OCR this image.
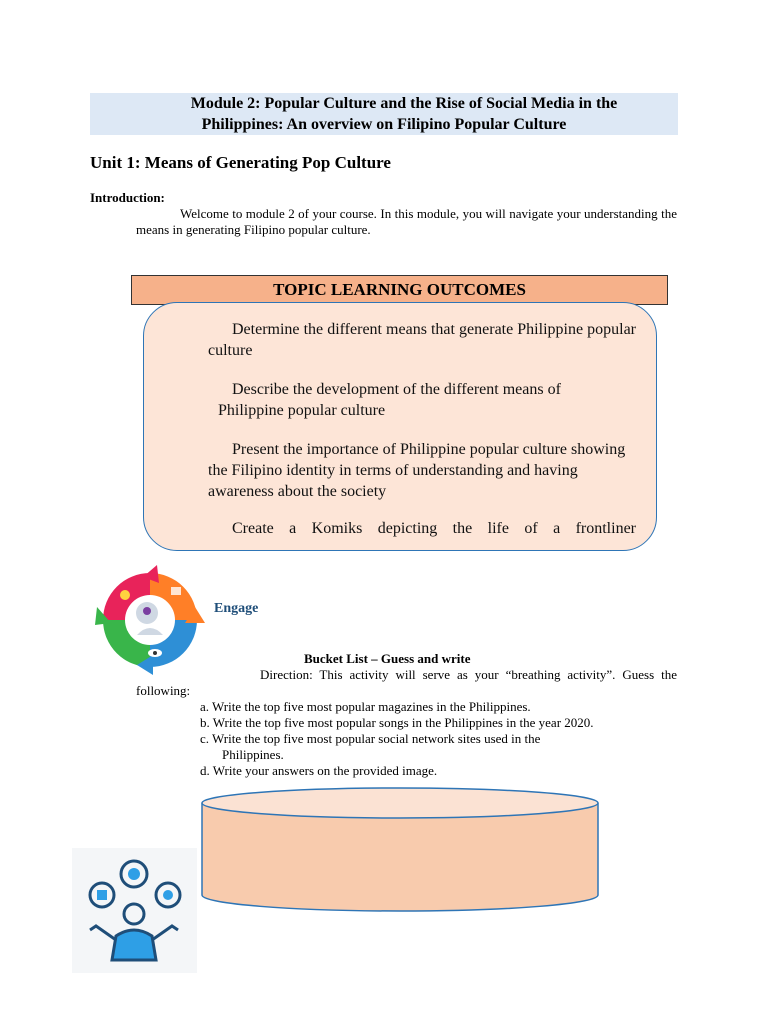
Module 2: Popular Culture and the Rise of Social Media in the
Philippines: An overview on Filipino Popular Culture
Unit 1: Means of Generating Pop Culture
Introduction:
Welcome to module 2 of your course. In this module, you will navigate your understanding the means in generating Filipino popular culture.
TOPIC LEARNING OUTCOMES
Determine the different means that generate Philippine popular culture
Describe the development of the different means of Philippine popular culture
Present the importance of Philippine popular culture showing the Filipino identity in terms of understanding and having awareness about the society
Create a Komiks depicting the life of a frontliner
Engage
Bucket List – Guess and write
Direction: This activity will serve as your “breathing activity”. Guess the following:
a. Write the top five most popular magazines in the Philippines.
b. Write the top five most popular songs in the Philippines in the year 2020.
c. Write the top five most popular social network sites used in the
Philippines.
d. Write your answers on the provided image.
